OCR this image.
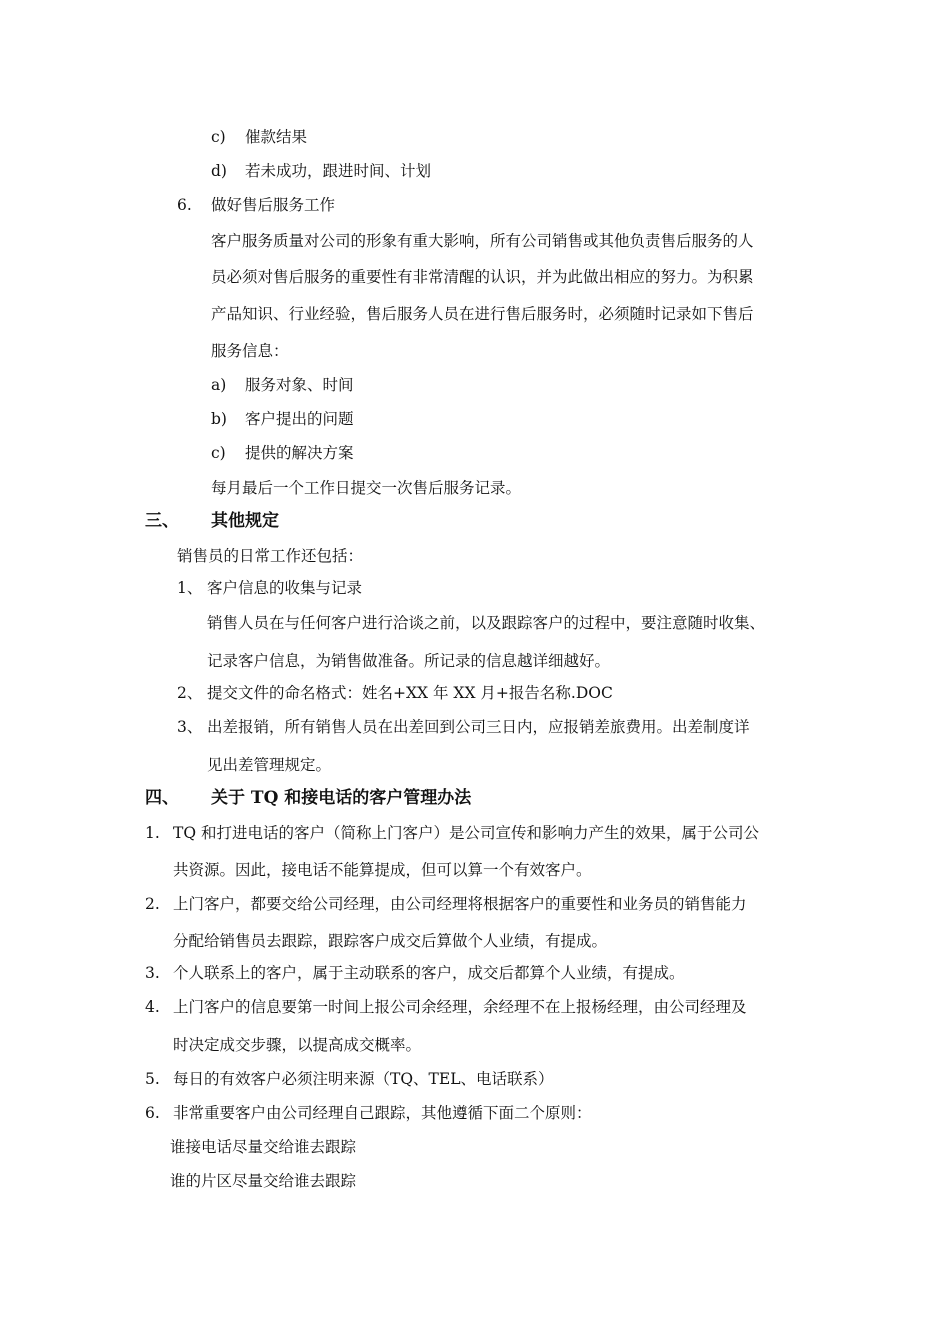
c) 催款结果
d) 若未成功，跟进时间、计划
6. 做好售后服务工作
客户服务质量对公司的形象有重大影响，所有公司销售或其他负责售后服务的人
员必须对售后服务的重要性有非常清醒的认识，并为此做出相应的努力。为积累
产品知识、行业经验，售后服务人员在进行售后服务时，必须随时记录如下售后
服务信息：
a) 服务对象、时间
b) 客户提出的问题
c) 提供的解决方案
每月最后一个工作日提交一次售后服务记录。
三、 其他规定
销售员的日常工作还包括：
1、 客户信息的收集与记录
销售人员在与任何客户进行洽谈之前，以及跟踪客户的过程中，要注意随时收集、
记录客户信息，为销售做准备。所记录的信息越详细越好。
2、 提交文件的命名格式：姓名+XX 年 XX 月+报告名称.DOC
3、 出差报销，所有销售人员在出差回到公司三日内，应报销差旅费用。出差制度详
见出差管理规定。
四、 关于 TQ 和接电话的客户管理办法
1. TQ 和打进电话的客户（简称上门客户）是公司宣传和影响力产生的效果，属于公司公
共资源。因此，接电话不能算提成，但可以算一个有效客户。
2. 上门客户，都要交给公司经理，由公司经理将根据客户的重要性和业务员的销售能力
分配给销售员去跟踪，跟踪客户成交后算做个人业绩，有提成。
3. 个人联系上的客户，属于主动联系的客户，成交后都算个人业绩，有提成。
4. 上门客户的信息要第一时间上报公司余经理，余经理不在上报杨经理，由公司经理及
时决定成交步骤，以提高成交概率。
5. 每日的有效客户必须注明来源（TQ、TEL、电话联系）
6. 非常重要客户由公司经理自己跟踪，其他遵循下面二个原则：
谁接电话尽量交给谁去跟踪
谁的片区尽量交给谁去跟踪
